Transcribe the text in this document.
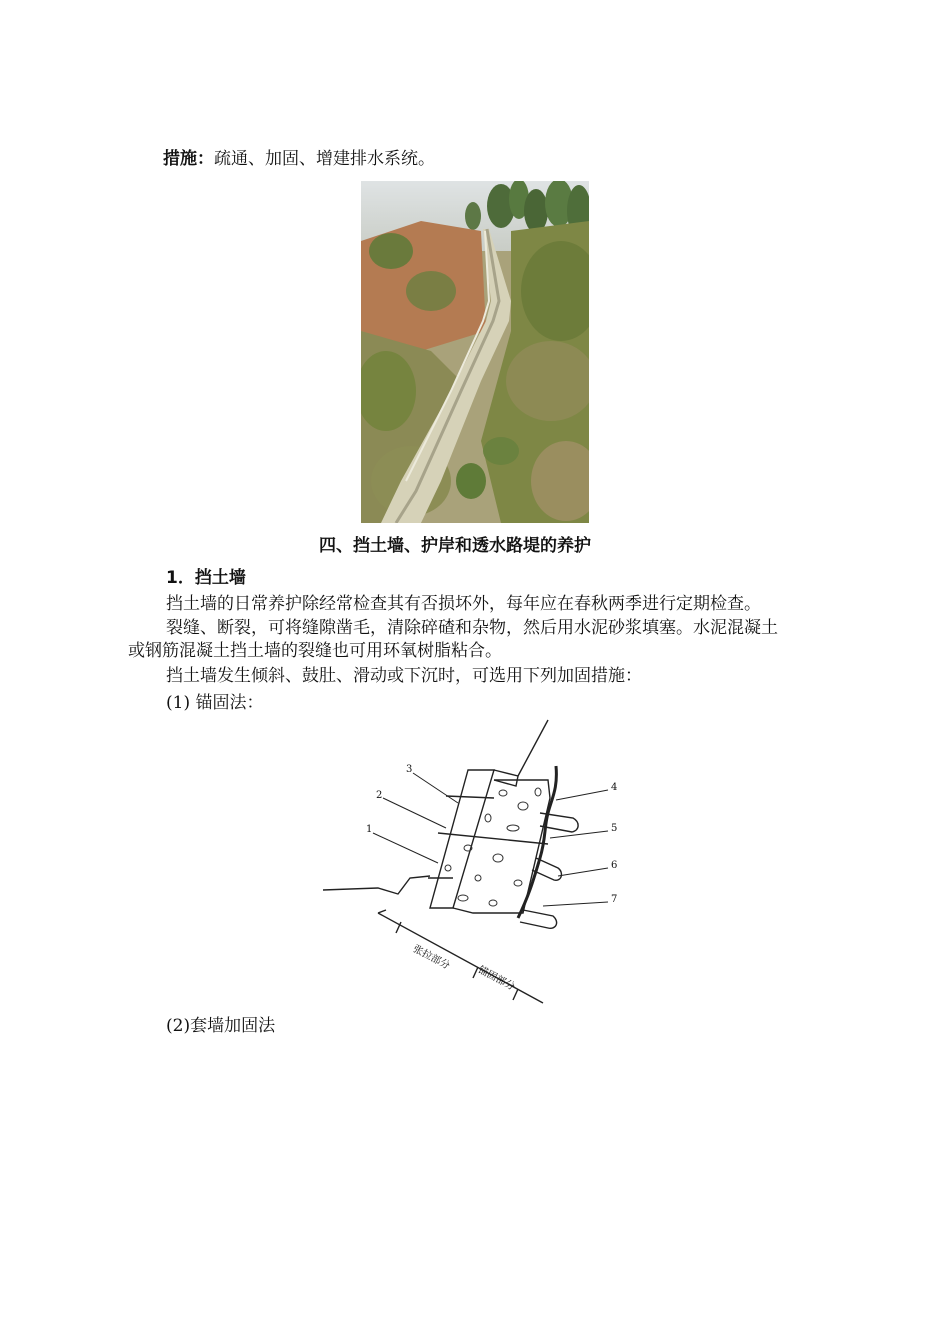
措施：疏通、加固、增建排水系统。
四、挡土墙、护岸和透水路堤的养护
1．挡土墙
挡土墙的日常养护除经常检查其有否损坏外，每年应在春秋两季进行定期检查。
裂缝、断裂，可将缝隙凿毛，清除碎碴和杂物，然后用水泥砂浆填塞。水泥混凝土
或钢筋混凝土挡土墙的裂缝也可用环氧树脂粘合。
挡土墙发生倾斜、鼓肚、滑动或下沉时，可选用下列加固措施：
(1) 锚固法：
1
2
3
4
5
6
7
张拉部分
锚固部分
(2)套墙加固法
